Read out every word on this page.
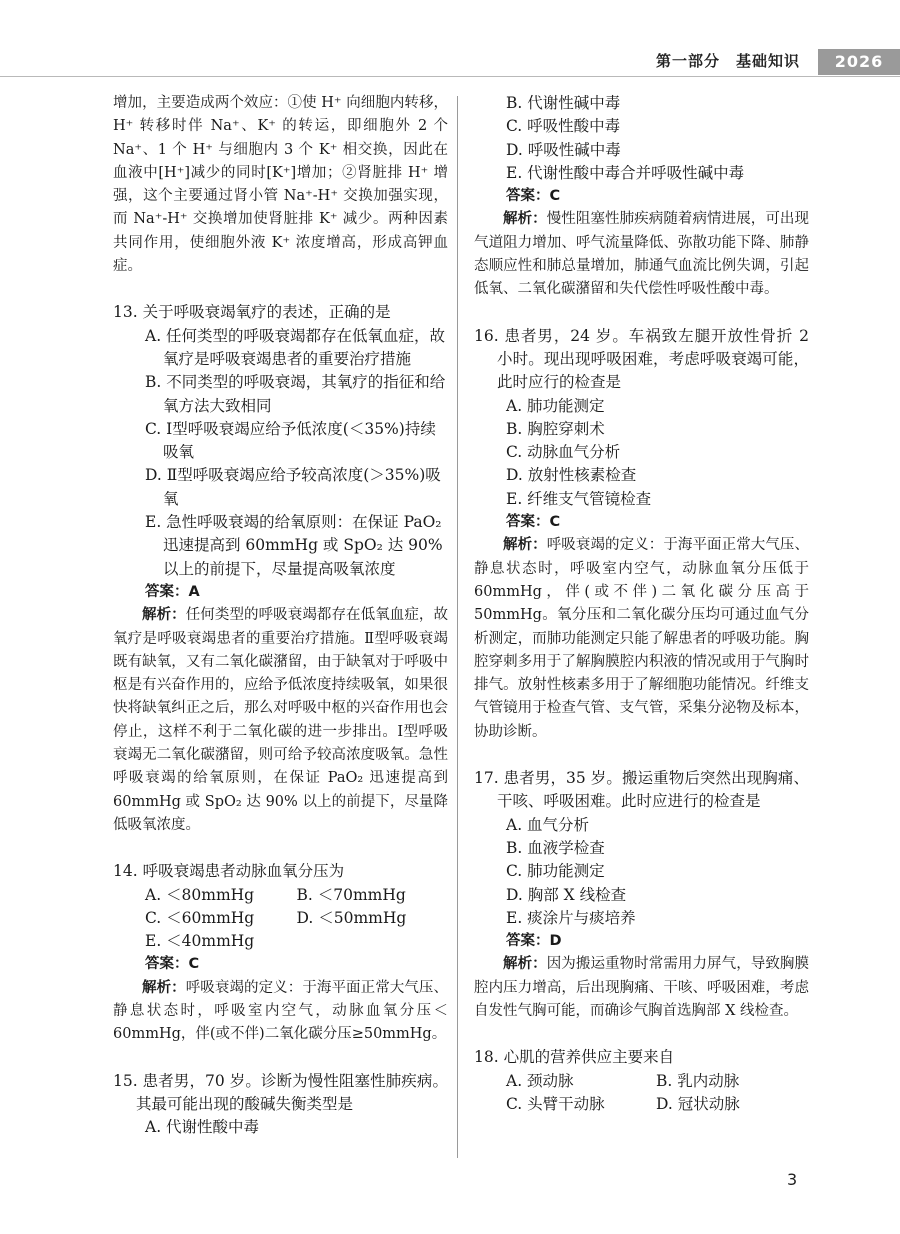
第一部分　基础知识	2026

增加，主要造成两个效应：①使 H⁺ 向细胞内转移，H⁺ 转移时伴 Na⁺、K⁺ 的转运，即细胞外 2 个 Na⁺、1 个 H⁺ 与细胞内 3 个 K⁺ 相交换，因此在血液中[H⁺]减少的同时[K⁺]增加；②肾脏排 H⁺ 增强，这个主要通过肾小管 Na⁺-H⁺ 交换加强实现，而 Na⁺-H⁺ 交换增加使肾脏排 K⁺ 减少。两种因素共同作用，使细胞外液 K⁺ 浓度增高，形成高钾血症。

13. 关于呼吸衰竭氧疗的表述，正确的是

A. 任何类型的呼吸衰竭都存在低氧血症，故氧疗是呼吸衰竭患者的重要治疗措施

B. 不同类型的呼吸衰竭，其氧疗的指征和给氧方法大致相同

C. Ⅰ型呼吸衰竭应给予低浓度(＜35%)持续吸氧

D. Ⅱ型呼吸衰竭应给予较高浓度(＞35%)吸氧

E. 急性呼吸衰竭的给氧原则：在保证 PaO₂ 迅速提高到 60mmHg 或 SpO₂ 达 90% 以上的前提下，尽量提高吸氧浓度

答案：A

解析：任何类型的呼吸衰竭都存在低氧血症，故氧疗是呼吸衰竭患者的重要治疗措施。Ⅱ型呼吸衰竭既有缺氧，又有二氧化碳潴留，由于缺氧对于呼吸中枢是有兴奋作用的，应给予低浓度持续吸氧，如果很快将缺氧纠正之后，那么对呼吸中枢的兴奋作用也会停止，这样不利于二氧化碳的进一步排出。Ⅰ型呼吸衰竭无二氧化碳潴留，则可给予较高浓度吸氧。急性呼吸衰竭的给氧原则，在保证 PaO₂ 迅速提高到 60mmHg 或 SpO₂ 达 90% 以上的前提下，尽量降低吸氧浓度。

14. 呼吸衰竭患者动脉血氧分压为

A. ＜80mmHg	B. ＜70mmHg
C. ＜60mmHg	D. ＜50mmHg
E. ＜40mmHg

答案：C

解析：呼吸衰竭的定义：于海平面正常大气压、静息状态时，呼吸室内空气，动脉血氧分压＜60mmHg，伴(或不伴)二氧化碳分压≥50mmHg。

15. 患者男，70 岁。诊断为慢性阻塞性肺疾病。其最可能出现的酸碱失衡类型是

A. 代谢性酸中毒

B. 代谢性碱中毒

C. 呼吸性酸中毒

D. 呼吸性碱中毒

E. 代谢性酸中毒合并呼吸性碱中毒

答案：C

解析：慢性阻塞性肺疾病随着病情进展，可出现气道阻力增加、呼气流量降低、弥散功能下降、肺静态顺应性和肺总量增加，肺通气血流比例失调，引起低氧、二氧化碳潴留和失代偿性呼吸性酸中毒。

16. 患者男，24 岁。车祸致左腿开放性骨折 2 小时。现出现呼吸困难，考虑呼吸衰竭可能，此时应行的检查是

A. 肺功能测定

B. 胸腔穿刺术

C. 动脉血气分析

D. 放射性核素检查

E. 纤维支气管镜检查

答案：C

解析：呼吸衰竭的定义：于海平面正常大气压、静息状态时，呼吸室内空气，动脉血氧分压低于 60mmHg，伴(或不伴)二氧化碳分压高于 50mmHg。氧分压和二氧化碳分压均可通过血气分析测定，而肺功能测定只能了解患者的呼吸功能。胸腔穿刺多用于了解胸膜腔内积液的情况或用于气胸时排气。放射性核素多用于了解细胞功能情况。纤维支气管镜用于检查气管、支气管，采集分泌物及标本，协助诊断。

17. 患者男，35 岁。搬运重物后突然出现胸痛、干咳、呼吸困难。此时应进行的检查是

A. 血气分析

B. 血液学检查

C. 肺功能测定

D. 胸部 X 线检查

E. 痰涂片与痰培养

答案：D

解析：因为搬运重物时常需用力屏气，导致胸膜腔内压力增高，后出现胸痛、干咳、呼吸困难，考虑自发性气胸可能，而确诊气胸首选胸部 X 线检查。

18. 心肌的营养供应主要来自

A. 颈动脉	B. 乳内动脉
C. 头臂干动脉	D. 冠状动脉
3
